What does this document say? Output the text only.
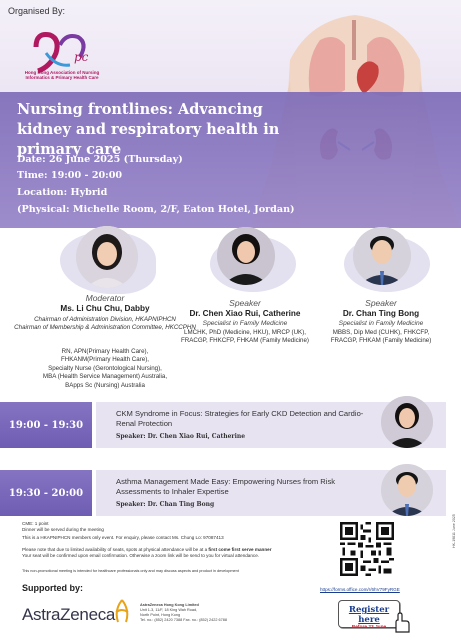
Organised By:
pc
Hong Kong Association of Nursing Informatics & Primary Health Care
Nursing frontlines: Advancing kidney and respiratory health in primary care
Date: 26 June 2025 (Thursday)
Time: 19:00 - 20:00
Location: Hybrid
(Physical: Michelle Room, 2/F, Eaton Hotel, Jordan)
Moderator
Ms. Li Chu Chu, Dabby
Chairman of Administration Division, HKAPNIPHCN
Chairman of Membership & Administration Committee, HKCCPHN
RN, APN(Primary Health Care),
FHKANM(Primary Health Care),
Specialty Nurse (Gerontological Nursing),
MBA (Health Service Management) Australia,
BApps Sc (Nursing) Australia
Speaker
Dr. Chen Xiao Rui, Catherine
Specialist in Family Medicine
LMCHK, PhD (Medicine, HKU), MRCP (UK),
FRACGP, FHKCFP, FHKAM (Family Medicine)
Speaker
Dr. Chan Ting Bong
Specialist in Family Medicine
MBBS, Dip Med (CUHK), FHKCFP,
FRACGP, FHKAM (Family Medicine)
19:00 - 19:30
CKM Syndrome in Focus: Strategies for Early CKD Detection and Cardio-Renal Protection
Speaker: Dr. Chen Xiao Rui, Catherine
19:30 - 20:00
Asthma Management Made Easy: Empowering Nurses from Risk Assessments to Inhaler Expertise
Speaker: Dr. Chan Ting Bong
CME: 1 point
Dinner will be served during the meeting
This is a HKAPNIPHCN members only event. For enquiry, please contact Ms. Chung Lo: 97087413
Please note that due to limited availability of seats, spots at physical attendance will be at a first come first serve manner
Your seat will be confirmed upon email confirmation. Otherwise a zoom link will be send to you for virtual attendance.
This non-promotional meeting is intended for healthcare professionals only and may discuss aspects and product in development
Supported by:
AstraZeneca	AstraZeneca Hong Kong Limited
Unit 1-3, 11/F, 18 King Wah Road,
North Point, Hong Kong
Tel. no.: (852) 2420 7388 Fax. no.: (852) 2422 6788
https://forms.office.com/r/6hV79FyRGE
Register here
Before 23 June
HK-19811 June 2025
